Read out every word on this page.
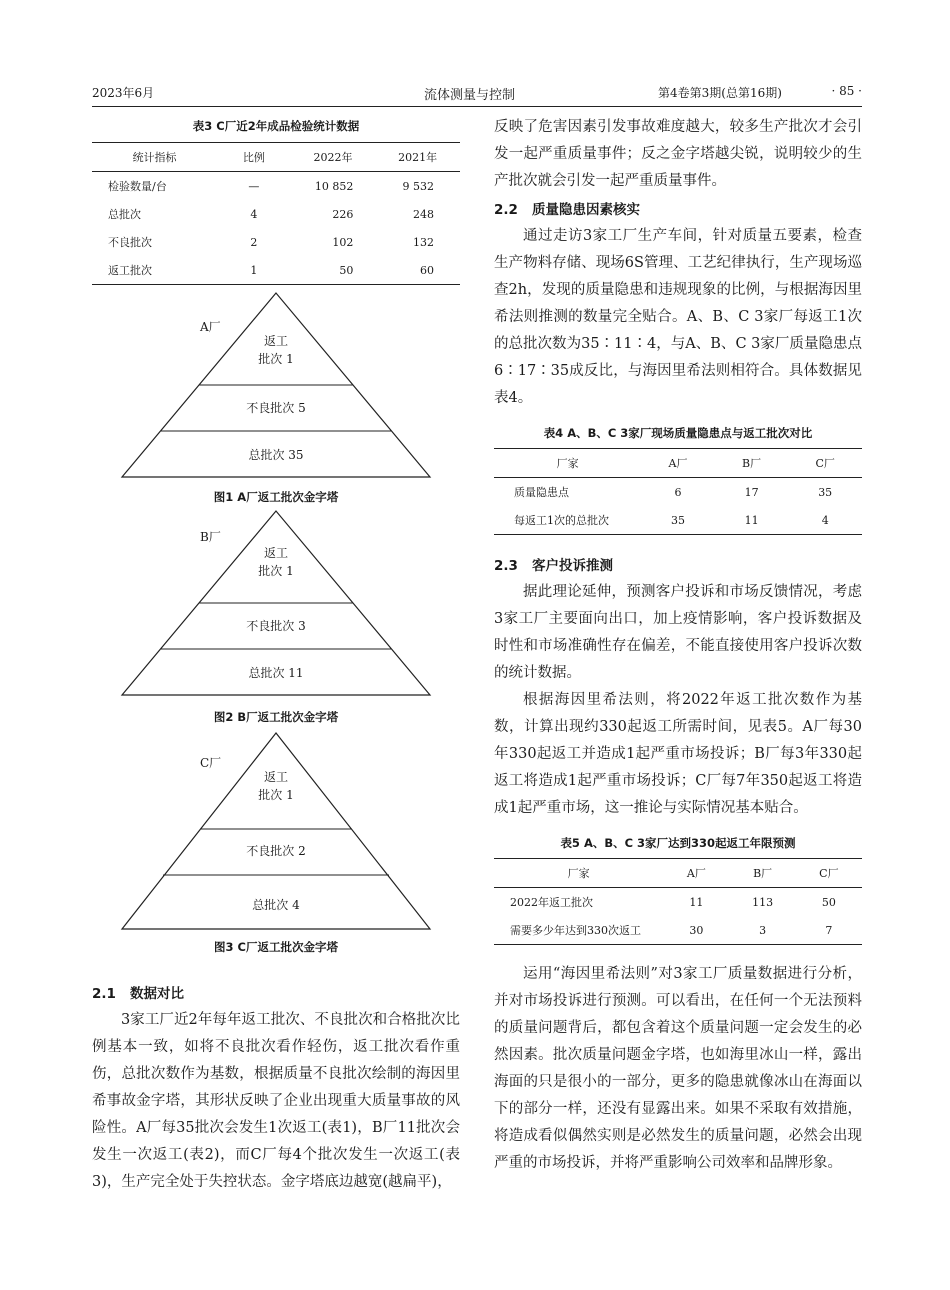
2023年6月	流体测量与控制	第4卷第3期(总第16期)	· 85 ·
表3 C厂近2年成品检验统计数据
统计指标	比例	2022年	2021年
检验数量/台	—	10 852	9 532
总批次	4	226	248
不良批次	2	102	132
返工批次	1	50	60
A厂
返工
批次 1
不良批次 5
总批次 35
图1 A厂返工批次金字塔
B厂
返工
批次 1
不良批次 3
总批次 11
图2 B厂返工批次金字塔
C厂
返工
批次 1
不良批次 2
总批次 4
图3 C厂返工批次金字塔

2.1 数据对比

3家工厂近2年每年返工批次、不良批次和合格批次比例基本一致，如将不良批次看作轻伤，返工批次看作重伤，总批次数作为基数，根据质量不良批次绘制的海因里希事故金字塔，其形状反映了企业出现重大质量事故的风险性。A厂每35批次会发生1次返工(表1)，B厂11批次会发生一次返工(表2)，而C厂每4个批次发生一次返工(表3)，生产完全处于失控状态。金字塔底边越宽(越扁平)，

反映了危害因素引发事故难度越大，较多生产批次才会引发一起严重质量事件；反之金字塔越尖锐，说明较少的生产批次就会引发一起严重质量事件。

2.2 质量隐患因素核实

通过走访3家工厂生产车间，针对质量五要素，检查生产物料存储、现场6S管理、工艺纪律执行，生产现场巡查2h，发现的质量隐患和违规现象的比例，与根据海因里希法则推测的数量完全贴合。A、B、C 3家厂每返工1次的总批次数为35∶11∶4，与A、B、C 3家厂质量隐患点6∶17∶35成反比，与海因里希法则相符合。具体数据见表4。

表4 A、B、C 3家厂现场质量隐患点与返工批次对比
厂家	A厂	B厂	C厂
质量隐患点	6	17	35
每返工1次的总批次	35	11	4

2.3 客户投诉推测

据此理论延伸，预测客户投诉和市场反馈情况，考虑3家工厂主要面向出口，加上疫情影响，客户投诉数据及时性和市场准确性存在偏差，不能直接使用客户投诉次数的统计数据。

根据海因里希法则，将2022年返工批次数作为基数，计算出现约330起返工所需时间，见表5。A厂每30年330起返工并造成1起严重市场投诉；B厂每3年330起返工将造成1起严重市场投诉；C厂每7年350起返工将造成1起严重市场，这一推论与实际情况基本贴合。

表5 A、B、C 3家厂达到330起返工年限预测
厂家	A厂	B厂	C厂
2022年返工批次	11	113	50
需要多少年达到330次返工	30	3	7

运用“海因里希法则”对3家工厂质量数据进行分析，并对市场投诉进行预测。可以看出，在任何一个无法预料的质量问题背后，都包含着这个质量问题一定会发生的必然因素。批次质量问题金字塔，也如海里冰山一样，露出海面的只是很小的一部分，更多的隐患就像冰山在海面以下的部分一样，还没有显露出来。如果不采取有效措施，将造成看似偶然实则是必然发生的质量问题，必然会出现严重的市场投诉，并将严重影响公司效率和品牌形象。
